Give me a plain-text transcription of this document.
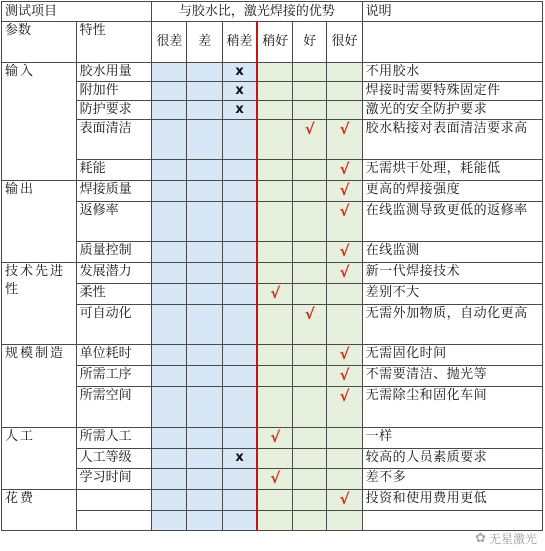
测试项目		与胶水比，激光焊接的优势						说明
参数	特性	很差	差	稍差	稍好	好	很好	
输入	胶水用量			x				不用胶水
	附加件			x				焊接时需要特殊固定件
	防护要求			x				激光的安全防护要求
	表面清洁					√	√	胶水粘接对表面清洁要求高
	耗能						√	无需烘干处理，耗能低
输出	焊接质量						√	更高的焊接强度
	返修率						√	在线监测导致更低的返修率
	质量控制						√	在线监测
技术先进性	发展潜力						√	新一代焊接技术
	柔性				√			差别不大
	可自动化					√		无需外加物质，自动化更高
规模制造	单位耗时						√	无需固化时间
	所需工序						√	不需要清洁、抛光等
	所需空间						√	无需除尘和固化车间
人工	所需人工				√			一样
	人工等级			x				较高的人员素质要求
	学习时间				√			差不多
花费							√	投资和使用费用更低

✿ 无星激光
